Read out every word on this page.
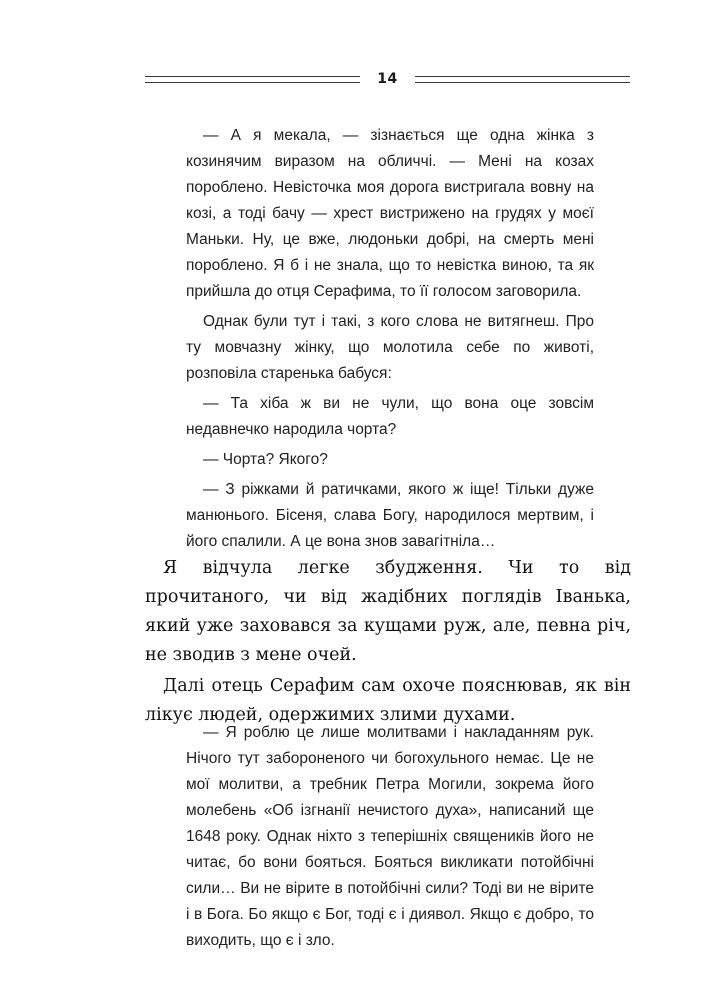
14

— А я мекала, — зізнається ще одна жінка з козинячим виразом на обличчі. — Мені на козах пороблено. Невісточка моя дорога вистригала вовну на козі, а тоді бачу — хрест вистрижено на грудях у моєї Маньки. Ну, це вже, людоньки добрі, на смерть мені пороблено. Я б і не знала, що то невістка виною, та як прийшла до отця Серафима, то її голосом заговорила.

Однак були тут і такі, з кого слова не витягнеш. Про ту мовчазну жінку, що молотила себе по животі, розповіла старенька бабуся:

— Та хіба ж ви не чули, що вона оце зовсім недавнечко народила чорта?

— Чорта? Якого?

— З ріжками й ратичками, якого ж іще! Тільки дуже манюнього. Бісеня, слава Богу, народилося мертвим, і його спалили. А це вона знов завагітніла…

Я відчула легке збудження. Чи то від прочитаного, чи від жадібних поглядів Іванька, який уже заховався за кущами руж, але, певна річ, не зводив з мене очей.

Далі отець Серафим сам охоче пояснював, як він лікує людей, одержимих злими духами.

— Я роблю це лише молитвами і накладанням рук. Нічого тут забороненого чи богохульного немає. Це не мої молитви, а требник Петра Могили, зокрема його молебень «Об ізгнанії нечистого духа», написаний ще 1648 року. Однак ніхто з теперішніх священиків його не читає, бо вони бояться. Бояться викликати потойбічні сили… Ви не вірите в потойбічні сили? Тоді ви не вірите і в Бога. Бо якщо є Бог, тоді є і диявол. Якщо є добро, то виходить, що є і зло.
